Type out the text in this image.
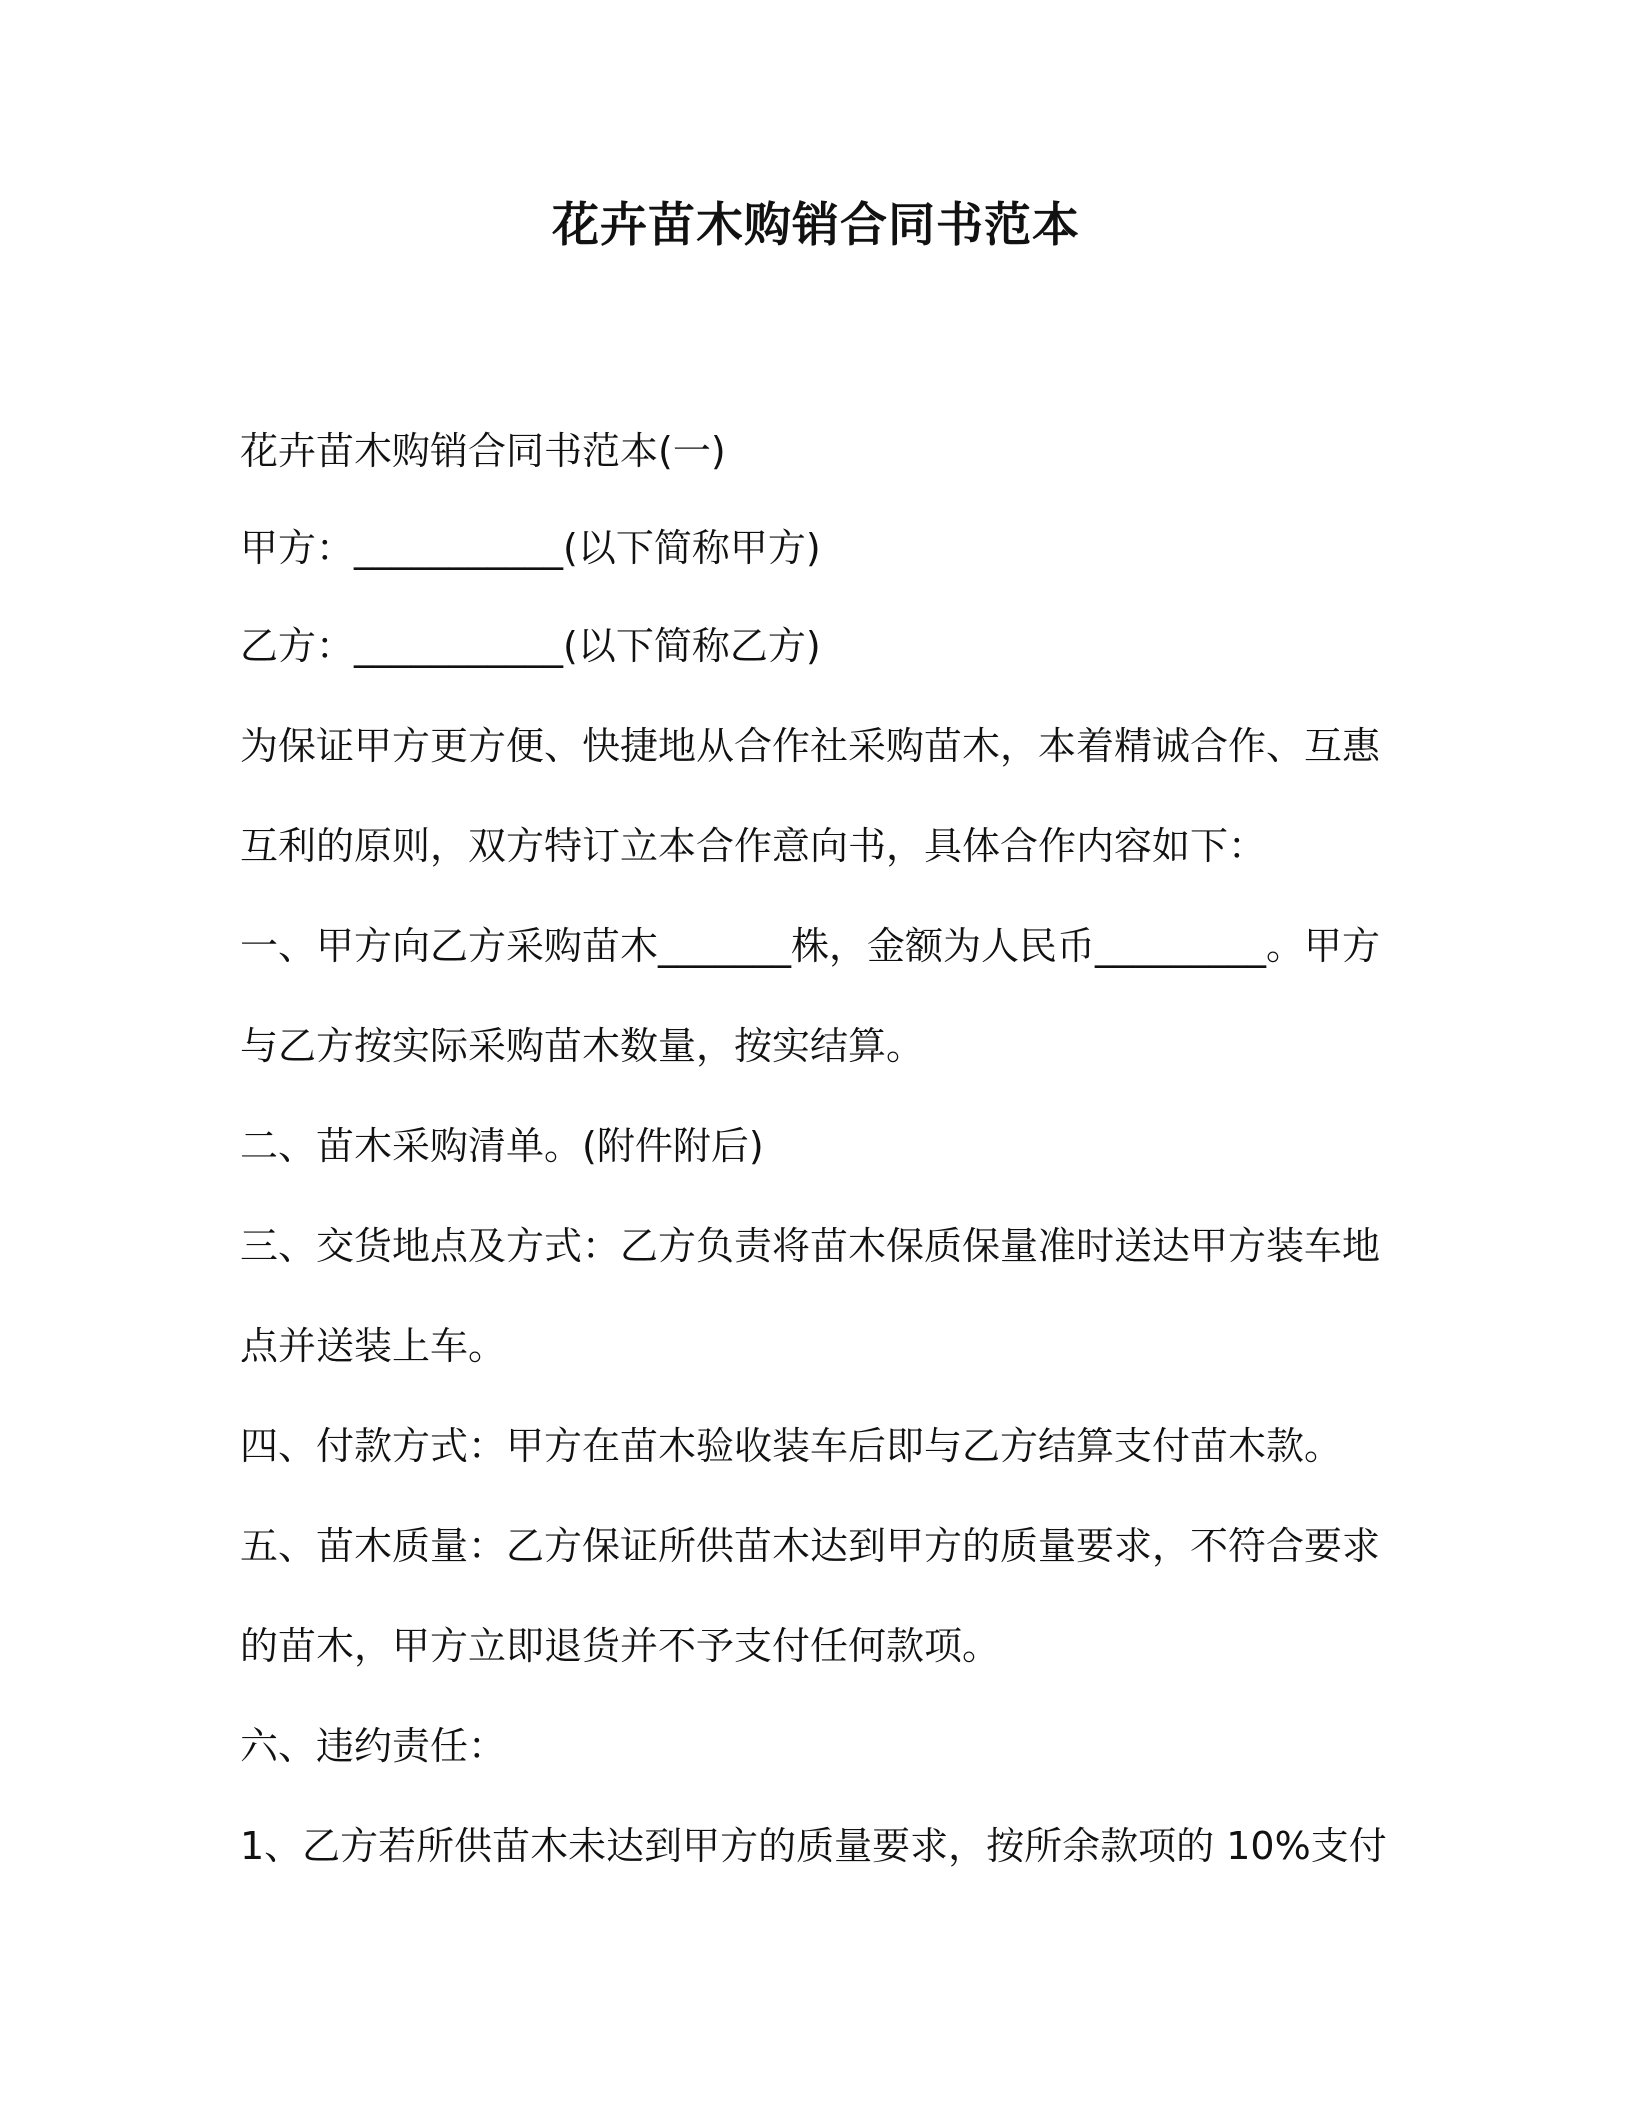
花卉苗木购销合同书范本

花卉苗木购销合同书范本(一)

甲方：___________(以下简称甲方)

乙方：___________(以下简称乙方)

为保证甲方更方便、快捷地从合作社采购苗木，本着精诚合作、互惠

互利的原则，双方特订立本合作意向书，具体合作内容如下：

一、甲方向乙方采购苗木_______株，金额为人民币_________。甲方

与乙方按实际采购苗木数量，按实结算。

二、苗木采购清单。(附件附后)

三、交货地点及方式：乙方负责将苗木保质保量准时送达甲方装车地

点并送装上车。

四、付款方式：甲方在苗木验收装车后即与乙方结算支付苗木款。

五、苗木质量：乙方保证所供苗木达到甲方的质量要求，不符合要求

的苗木，甲方立即退货并不予支付任何款项。

六、违约责任：

1、乙方若所供苗木未达到甲方的质量要求，按所余款项的 10%支付
